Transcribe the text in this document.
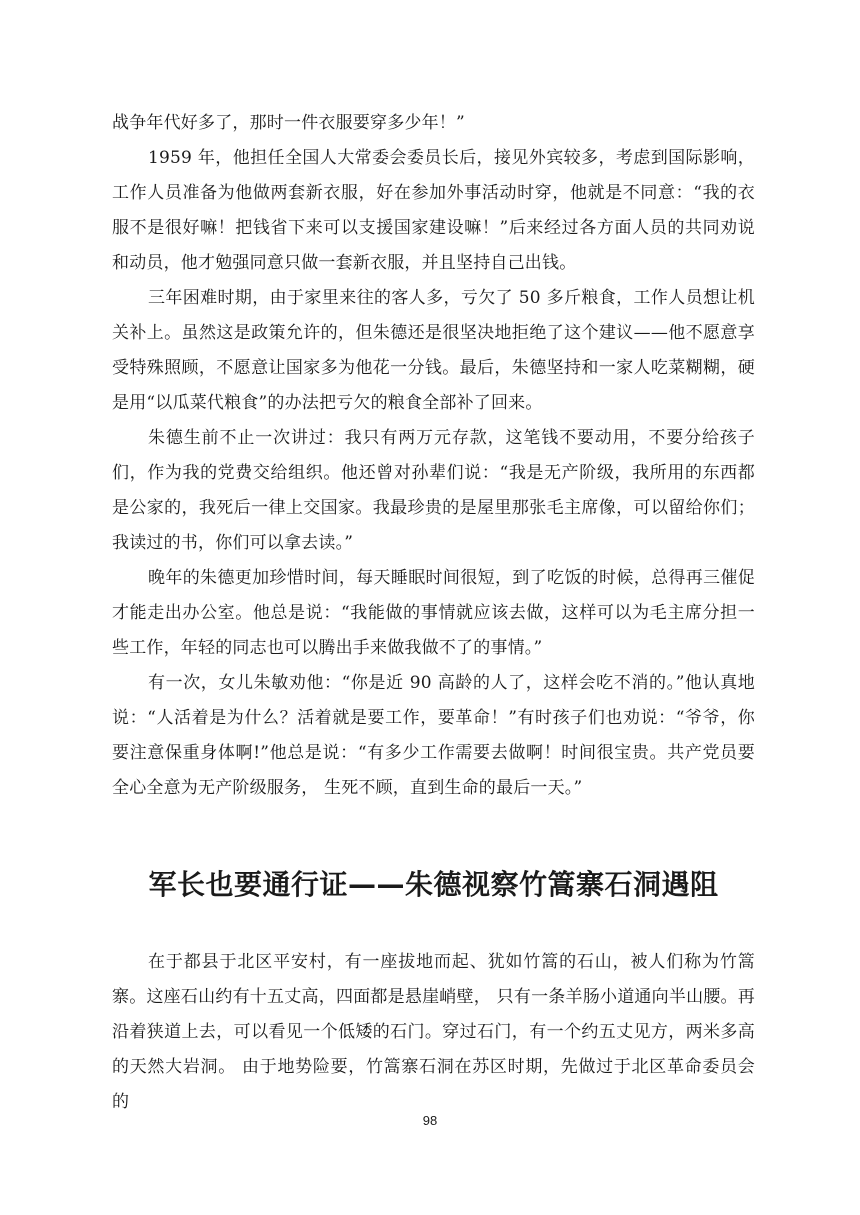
战争年代好多了，那时一件衣服要穿多少年！”

1959 年，他担任全国人大常委会委员长后，接见外宾较多，考虑到国际影响，工作人员准备为他做两套新衣服，好在参加外事活动时穿，他就是不同意：“我的衣服不是很好嘛！把钱省下来可以支援国家建设嘛！”后来经过各方面人员的共同劝说和动员，他才勉强同意只做一套新衣服，并且坚持自己出钱。

三年困难时期，由于家里来往的客人多，亏欠了 50 多斤粮食，工作人员想让机关补上。虽然这是政策允许的，但朱德还是很坚决地拒绝了这个建议——他不愿意享受特殊照顾，不愿意让国家多为他花一分钱。最后，朱德坚持和一家人吃菜糊糊，硬是用“以瓜菜代粮食”的办法把亏欠的粮食全部补了回来。

朱德生前不止一次讲过：我只有两万元存款，这笔钱不要动用，不要分给孩子们，作为我的党费交给组织。他还曾对孙辈们说：“我是无产阶级，我所用的东西都是公家的，我死后一律上交国家。我最珍贵的是屋里那张毛主席像，可以留给你们；我读过的书，你们可以拿去读。”

晚年的朱德更加珍惜时间，每天睡眠时间很短，到了吃饭的时候，总得再三催促才能走出办公室。他总是说：“我能做的事情就应该去做，这样可以为毛主席分担一些工作，年轻的同志也可以腾出手来做我做不了的事情。”

有一次，女儿朱敏劝他：“你是近 90 高龄的人了，这样会吃不消的。”他认真地说：“人活着是为什么？活着就是要工作，要革命！”有时孩子们也劝说：“爷爷，你要注意保重身体啊!”他总是说：“有多少工作需要去做啊！时间很宝贵。共产党员要全心全意为无产阶级服务， 生死不顾，直到生命的最后一天。”

军长也要通行证——朱德视察竹篙寨石洞遇阻

在于都县于北区平安村，有一座拔地而起、犹如竹篙的石山，被人们称为竹篙寨。这座石山约有十五丈高，四面都是悬崖峭壁， 只有一条羊肠小道通向半山腰。再沿着狭道上去，可以看见一个低矮的石门。穿过石门，有一个约五丈见方，两米多高的天然大岩洞。 由于地势险要，竹篙寨石洞在苏区时期，先做过于北区革命委员会 的

98
